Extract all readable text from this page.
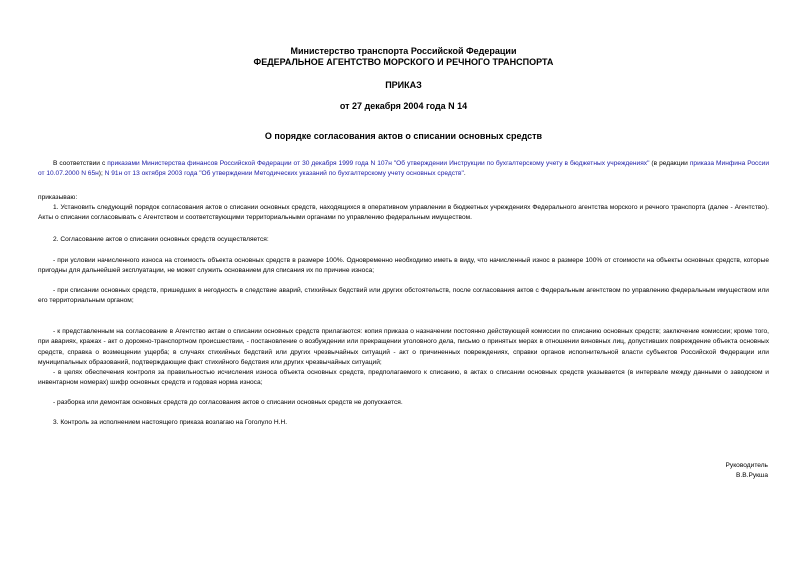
Министерство транспорта Российской Федерации
ФЕДЕРАЛЬНОЕ АГЕНТСТВО МОРСКОГО И РЕЧНОГО ТРАНСПОРТА
ПРИКАЗ
от 27 декабря 2004 года N 14
О порядке согласования актов о списании основных средств

В соответствии с приказами Министерства финансов Российской Федерации от 30 декабря 1999 года N 107н "Об утверждении Инструкции по бухгалтерскому учету в бюджетных учреждениях" (в редакции приказа Минфина России от 10.07.2000 N 65н); N 91н от 13 октября 2003 года "Об утверждении Методических указаний по бухгалтерскому учету основных средств".

приказываю:

1. Установить следующий порядок согласования актов о списании основных средств, находящихся в оперативном управлении в бюджетных учреждениях Федерального агентства морского и речного транспорта (далее - Агентство). Акты о списании согласовывать с Агентством и соответствующими территориальными органами по управлению федеральным имуществом.

2. Согласование актов о списании основных средств осуществляется:

- при условии начисленного износа на стоимость объекта основных средств в размере 100%. Одновременно необходимо иметь в виду, что начисленный износ в размере 100% от стоимости на объекты основных средств, которые пригодны для дальнейшей эксплуатации, не может служить основанием для списания их по причине износа;

- при списании основных средств, пришедших в негодность в следствие аварий, стихийных бедствий или других обстоятельств, после согласования актов с Федеральным агентством по управлению федеральным имуществом или его территориальным органом;

- к представленным на согласование в Агентство актам о списании основных средств прилагаются: копия приказа о назначении постоянно действующей комиссии по списанию основных средств; заключение комиссии; кроме того, при авариях, кражах - акт о дорожно-транспортном происшествии, - постановление о возбуждении или прекращении уголовного дела, письмо о принятых мерах в отношении виновных лиц, допустивших повреждение объекта основных средств, справка о возмещении ущерба; в случаях стихийных бедствий или других чрезвычайных ситуаций - акт о причиненных повреждениях, справки органов исполнительной власти субъектов Российской Федерации или муниципальных образований, подтверждающие факт стихийного бедствия или других чрезвычайных ситуаций;

- в целях обеспечения контроля за правильностью исчисления износа объекта основных средств, предполагаемого к списанию, в актах о списании основных средств указывается (в интервале между данными о заводском и инвентарном номерах) шифр основных средств и годовая норма износа;

- разборка или демонтаж основных средств до согласования актов о списании основных средств не допускается.

3. Контроль за исполнением настоящего приказа возлагаю на Гоголуло Н.Н.

Руководитель
В.В.Рукша
